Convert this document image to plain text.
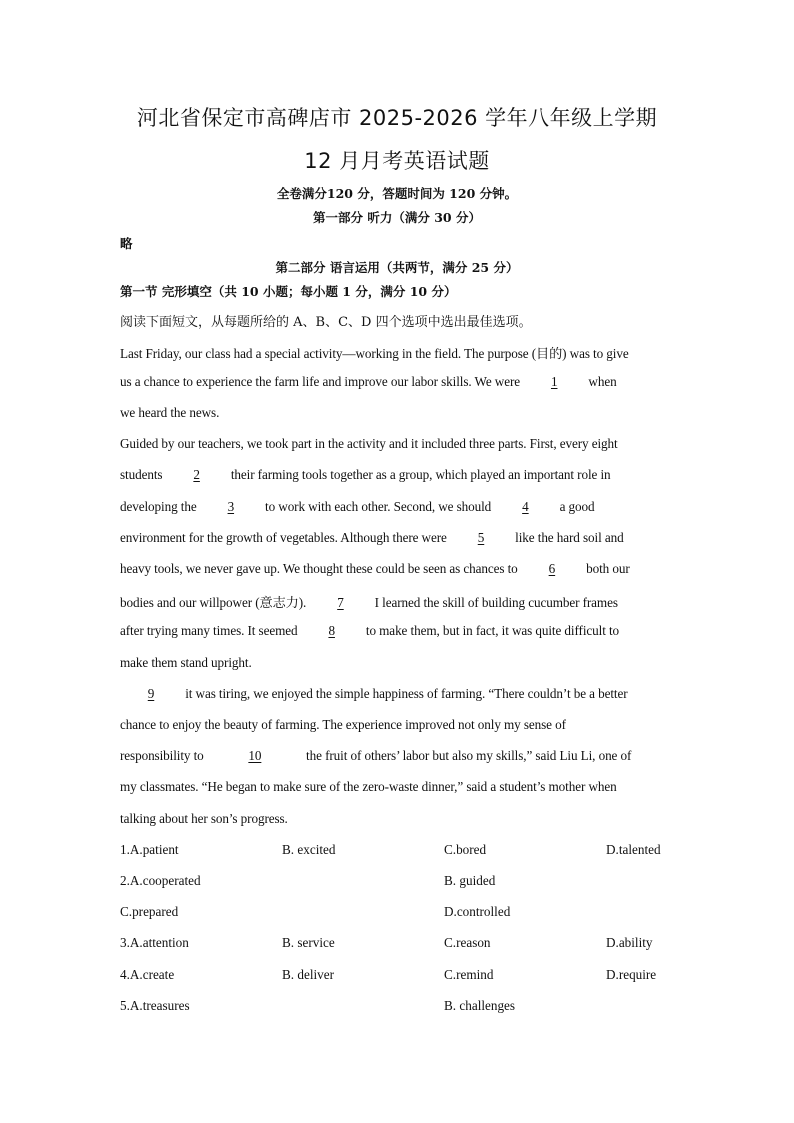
河北省保定市高碑店市 2025-2026 学年八年级上学期
12 月月考英语试题
全卷满分120 分，答题时间为 120 分钟。
第一部分 听力（满分 30 分）
略
第二部分 语言运用（共两节，满分 25 分）
第一节 完形填空（共 10 小题；每小题 1 分，满分 10 分）
阅读下面短文，从每题所给的 A、B、C、D 四个选项中选出最佳选项。
Last Friday, our class had a special activity—working in the field. The purpose (目的) was to give
us a chance to experience the farm life and improve our labor skills. We were 1 when
we heard the news.
Guided by our teachers, we took part in the activity and it included three parts. First, every eight
students 2 their farming tools together as a group, which played an important role in
developing the 3 to work with each other. Second, we should 4 a good
environment for the growth of vegetables. Although there were 5 like the hard soil and
heavy tools, we never gave up. We thought these could be seen as chances to 6 both our
bodies and our willpower (意志力). 7 I learned the skill of building cucumber frames
after trying many times. It seemed 8 to make them, but in fact, it was quite difficult to
make them stand upright.
9 it was tiring, we enjoyed the simple happiness of farming. “There couldn’t be a better
chance to enjoy the beauty of farming. The experience improved not only my sense of
responsibility to	10	the fruit of others’ labor but also my skills,” said Liu Li, one of
my classmates. “He began to make sure of the zero-waste dinner,” said a student’s mother when
talking about her son’s progress.
1.A.patient	B. excited	C.bored	D.talented
2.A.cooperated	B. guided
C.prepared	D.controlled
3.A.attention	B. service	C.reason	D.ability
4.A.create	B. deliver	C.remind	D.require
5.A.treasures	B. challenges
